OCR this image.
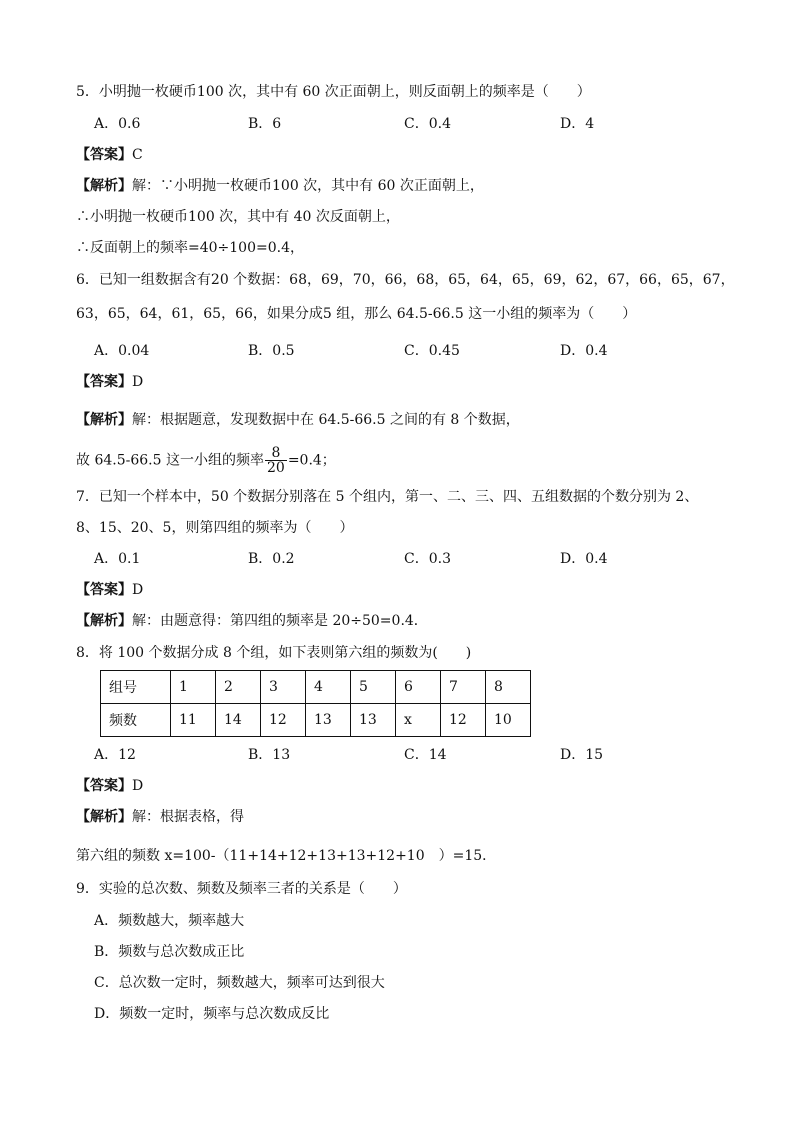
5．小明抛一枚硬币100 次，其中有 60 次正面朝上，则反面朝上的频率是（　　）
A．0.6	B．6	C．0.4	D．4
【答案】C
【解析】解：∵小明抛一枚硬币100 次，其中有 60 次正面朝上，
∴小明抛一枚硬币100 次，其中有 40 次反面朝上，
∴反面朝上的频率=40÷100=0.4，
6．已知一组数据含有20 个数据：68，69，70，66，68，65，64，65，69，62，67，66，65，67，
63，65，64，61，65，66，如果分成5 组，那么 64.5-66.5 这一小组的频率为（　　）
A．0.04	B．0.5	C．0.45	D．0.4
【答案】D
【解析】解：根据题意，发现数据中在 64.5-66.5 之间的有 8 个数据，
故 64.5-66.5 这一小组的频率 $\frac{8}{20} =0.4$；
7．已知一个样本中，50 个数据分别落在 5 个组内，第一、二、三、四、五组数据的个数分别为 2、
8、15、20、5，则第四组的频率为（　　）
A．0.1	B．0.2	C．0.3	D．0.4
【答案】D
【解析】解：由题意得：第四组的频率是 20÷50=0.4．
8．将 100 个数据分成 8 个组，如下表则第六组的频数为(　　)
组号	1	2	3	4	5	6	7	8
频数	11	14	12	13	13	x	12	10
A．12	B．13	C．14	D．15
【答案】D
【解析】解：根据表格，得
第六组的频数 x=100-（11+14+12+13+13+12+10　）=15．
9．实验的总次数、频数及频率三者的关系是（　　）
A．频数越大，频率越大
B．频数与总次数成正比
C．总次数一定时，频数越大，频率可达到很大
D．频数一定时，频率与总次数成反比
